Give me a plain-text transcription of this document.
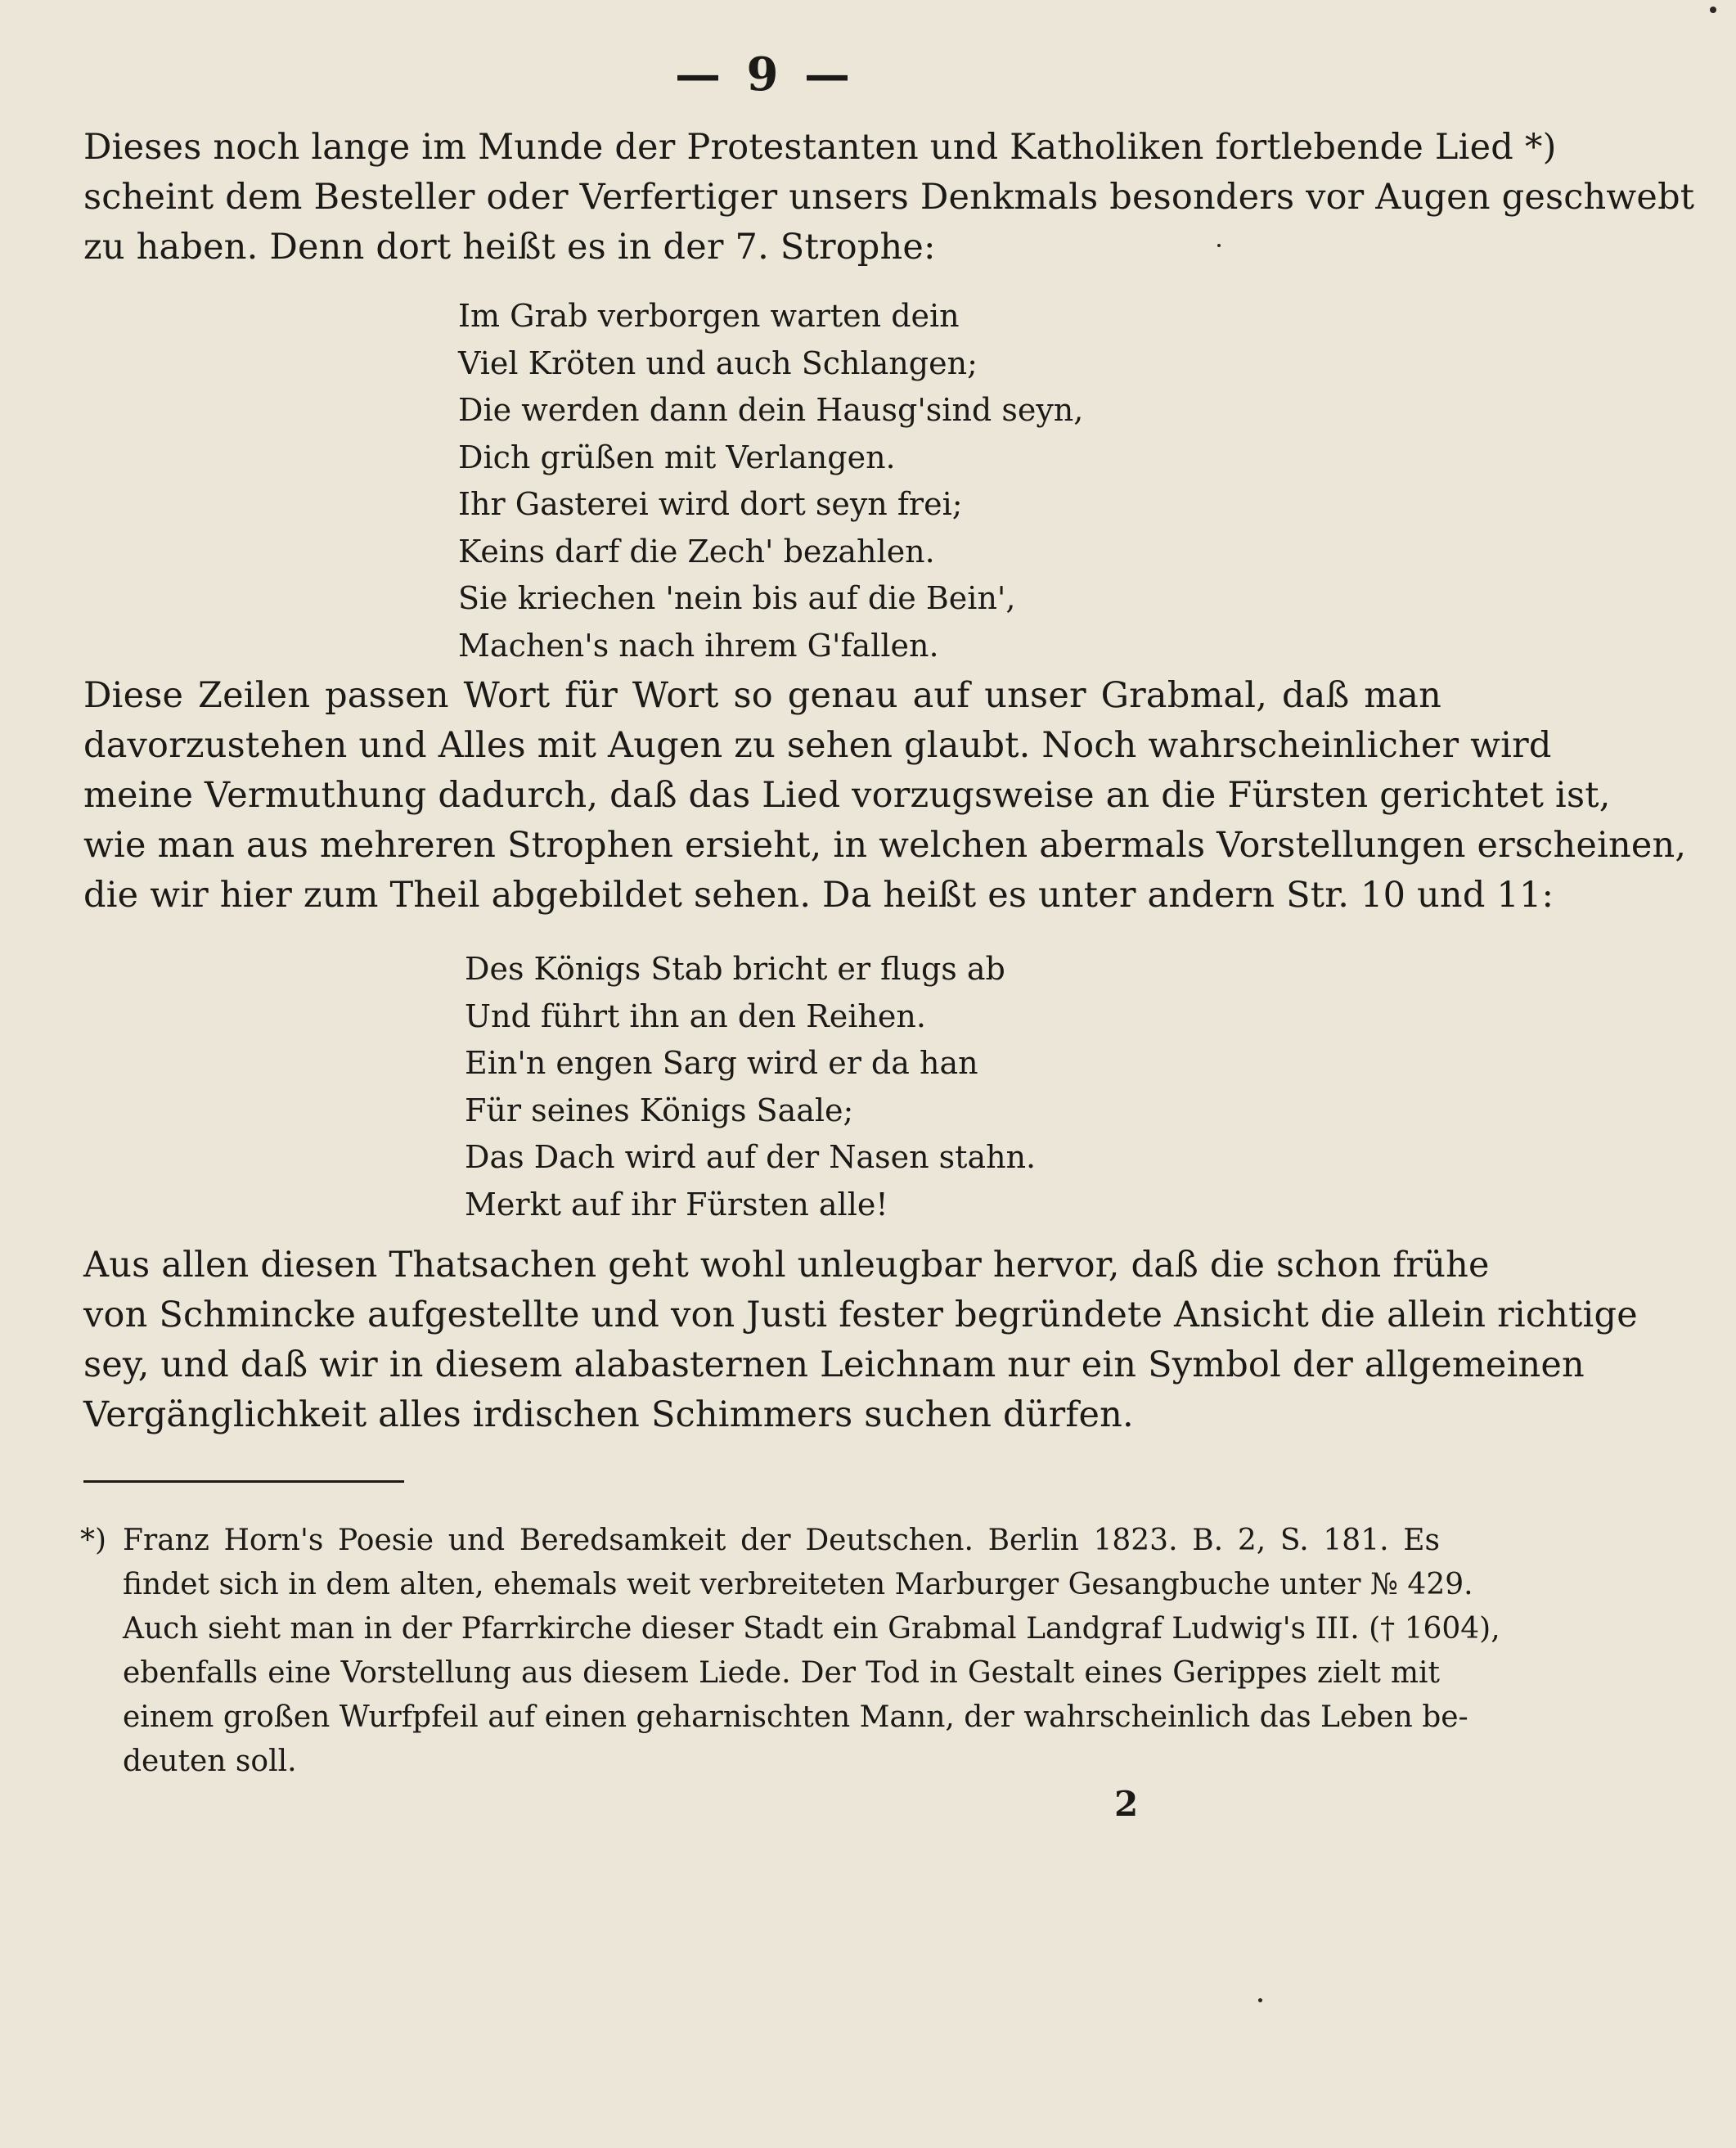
— 9 —

Dieses noch lange im Munde der Protestanten und Katholiken fortlebende Lied *)
scheint dem Besteller oder Verfertiger unsers Denkmals besonders vor Augen geschwebt
zu haben. Denn dort heißt es in der 7. Strophe:

Im Grab verborgen warten dein
Viel Kröten und auch Schlangen;
Die werden dann dein Hausg'sind seyn,
Dich grüßen mit Verlangen.
Ihr Gasterei wird dort seyn frei;
Keins darf die Zech' bezahlen.
Sie kriechen 'nein bis auf die Bein',
Machen's nach ihrem G'fallen.

Diese Zeilen passen Wort für Wort so genau auf unser Grabmal, daß man
davorzustehen und Alles mit Augen zu sehen glaubt. Noch wahrscheinlicher wird
meine Vermuthung dadurch, daß das Lied vorzugsweise an die Fürsten gerichtet ist,
wie man aus mehreren Strophen ersieht, in welchen abermals Vorstellungen erscheinen,
die wir hier zum Theil abgebildet sehen. Da heißt es unter andern Str. 10 und 11:

Des Königs Stab bricht er flugs ab
Und führt ihn an den Reihen.
Ein'n engen Sarg wird er da han
Für seines Königs Saale;
Das Dach wird auf der Nasen stahn.
Merkt auf ihr Fürsten alle!

Aus allen diesen Thatsachen geht wohl unleugbar hervor, daß die schon frühe
von Schmincke aufgestellte und von Justi fester begründete Ansicht die allein richtige
sey, und daß wir in diesem alabasternen Leichnam nur ein Symbol der allgemeinen
Vergänglichkeit alles irdischen Schimmers suchen dürfen.

*) Franz Horn's Poesie und Beredsamkeit der Deutschen. Berlin 1823. B. 2, S. 181. Es
findet sich in dem alten, ehemals weit verbreiteten Marburger Gesangbuche unter № 429.
Auch sieht man in der Pfarrkirche dieser Stadt ein Grabmal Landgraf Ludwig's III. († 1604),
ebenfalls eine Vorstellung aus diesem Liede. Der Tod in Gestalt eines Gerippes zielt mit
einem großen Wurfpfeil auf einen geharnischten Mann, der wahrscheinlich das Leben be-
deuten soll.

2
